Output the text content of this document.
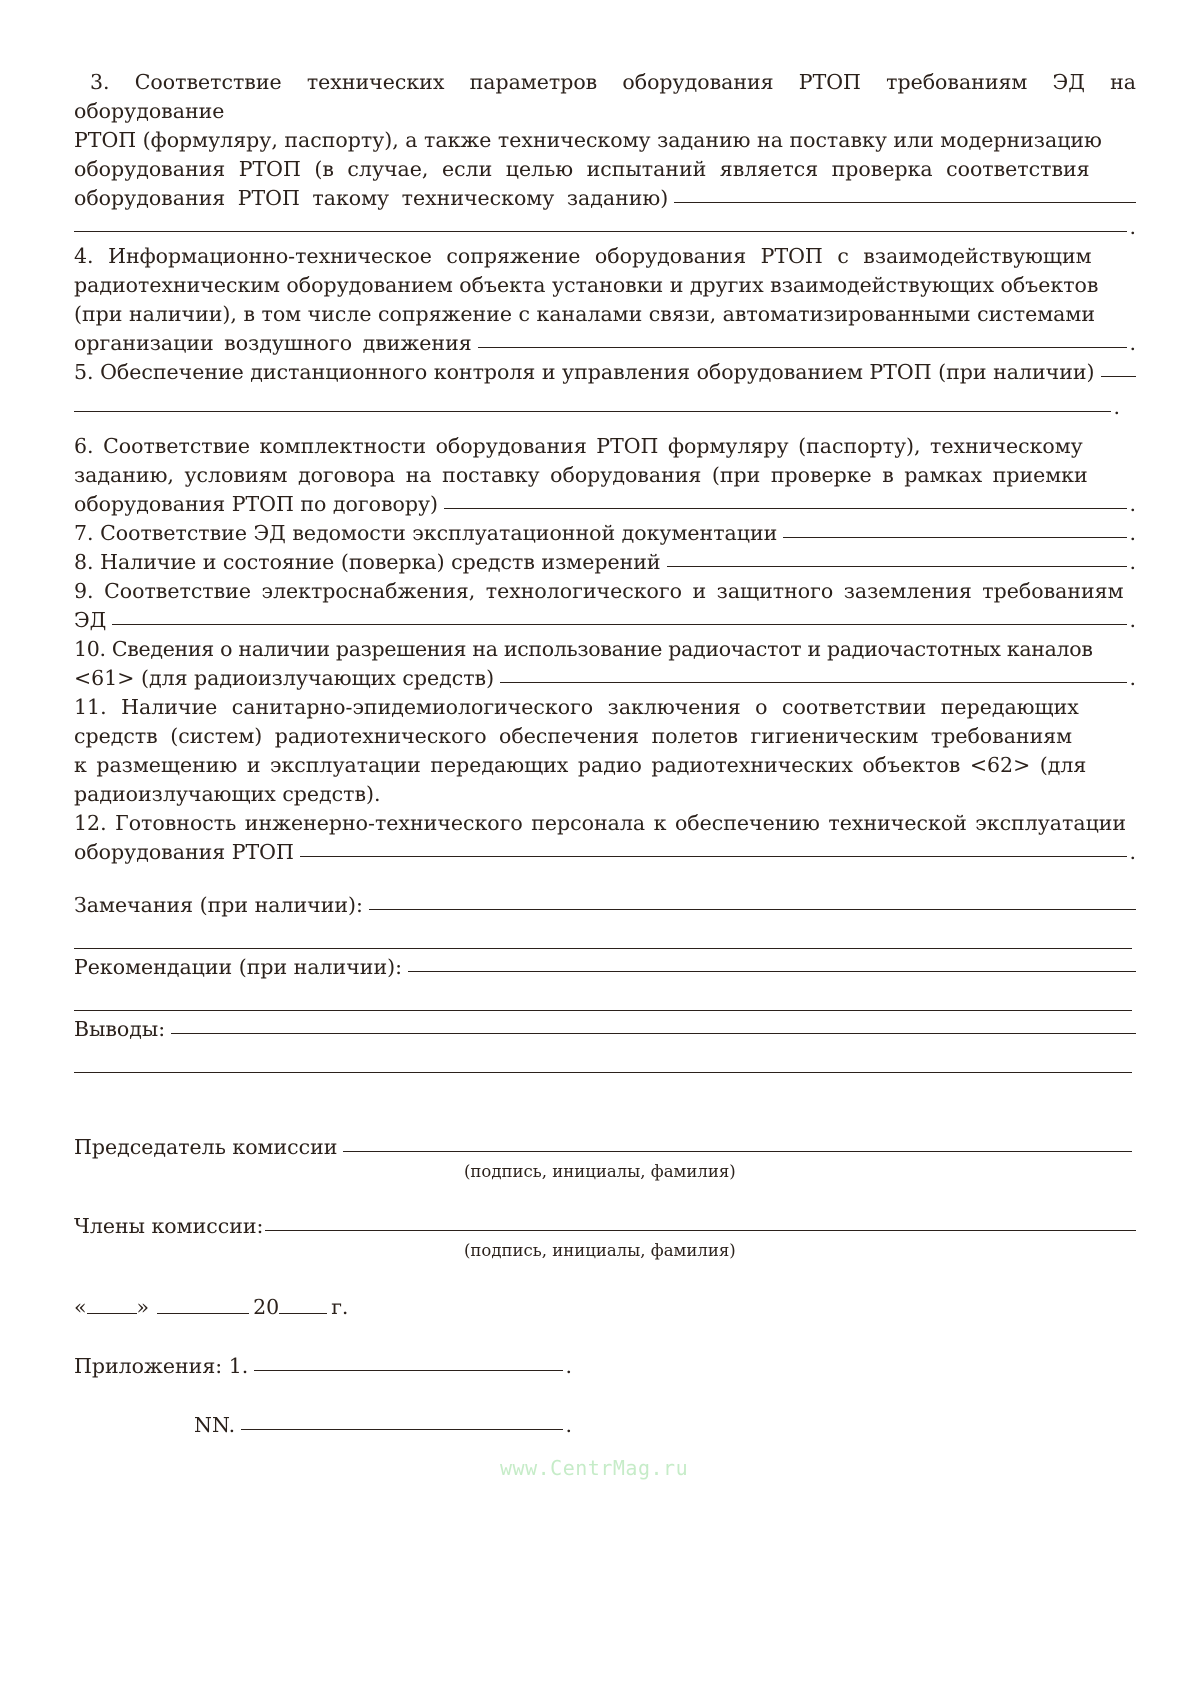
3. Соответствие технических параметров оборудования РТОП требованиям ЭД на оборудование

РТОП (формуляру, паспорту), а также техническому заданию на поставку или модернизацию

оборудования РТОП (в случае, если целью испытаний является проверка соответствия

оборудования РТОП такому техническому заданию)
.

4. Информационно-техническое сопряжение оборудования РТОП с взаимодействующим

радиотехническим оборудованием объекта установки и других взаимодействующих объектов

(при наличии), в том числе сопряжение с каналами связи, автоматизированными системами

организации воздушного движения	.
5. Обеспечение дистанционного контроля и управления оборудованием РТОП (при наличии)
.

6. Соответствие комплектности оборудования РТОП формуляру (паспорту), техническому

заданию, условиям договора на поставку оборудования (при проверке в рамках приемки

оборудования РТОП по договору)	.
7. Соответствие ЭД ведомости эксплуатационной документации	.
8. Наличие и состояние (поверка) средств измерений	.

9. Соответствие электроснабжения, технологического и защитного заземления требованиям

ЭД	.

10. Сведения о наличии разрешения на использование радиочастот и радиочастотных каналов

<61> (для радиоизлучающих средств)	.

11. Наличие санитарно-эпидемиологического заключения о соответствии передающих

средств (систем) радиотехнического обеспечения полетов гигиеническим требованиям

к размещению и эксплуатации передающих радио радиотехнических объектов <62> (для

радиоизлучающих средств).

12. Готовность инженерно-технического персонала к обеспечению технической эксплуатации

оборудования РТОП	.
Замечания (при наличии):
Рекомендации (при наличии):
Выводы:
Председатель комиссии
(подпись, инициалы, фамилия)
Члены комиссии:
(подпись, инициалы, фамилия)
« »	20	г.
Приложения: 1.	.
NN.	.
www.CentrMag.ru
